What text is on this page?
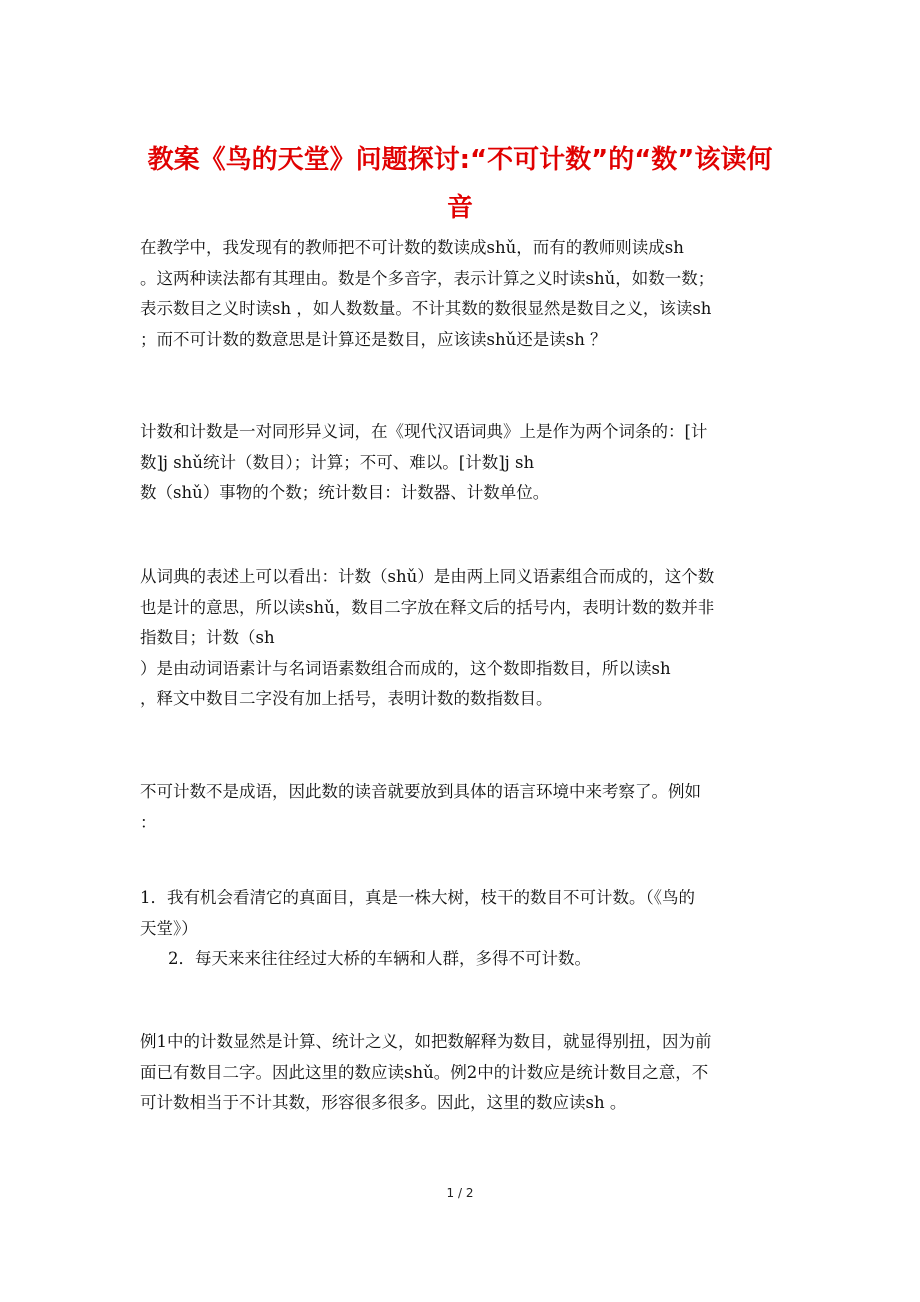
教案《鸟的天堂》问题探讨:“不可计数”的“数”该读何
音

在教学中，我发现有的教师把不可计数的数读成shǔ，而有的教师则读成sh
。这两种读法都有其理由。数是个多音字，表示计算之义时读shǔ，如数一数；
表示数目之义时读sh ，如人数数量。不计其数的数很显然是数目之义，该读sh
；而不可计数的数意思是计算还是数目，应该读shǔ还是读sh ？

计数和计数是一对同形异义词，在《现代汉语词典》上是作为两个词条的：[计
数]j shǔ统计（数目）；计算；不可、难以。[计数]j sh
数（shǔ）事物的个数；统计数目：计数器、计数单位。

从词典的表述上可以看出：计数（shǔ）是由两上同义语素组合而成的，这个数
也是计的意思，所以读shǔ，数目二字放在释文后的括号内，表明计数的数并非
指数目；计数（sh
）是由动词语素计与名词语素数组合而成的，这个数即指数目，所以读sh
，释文中数目二字没有加上括号，表明计数的数指数目。

不可计数不是成语，因此数的读音就要放到具体的语言环境中来考察了。例如
：

1．我有机会看清它的真面目，真是一株大树，枝干的数目不可计数。（《鸟的
天堂》）
2．每天来来往往经过大桥的车辆和人群，多得不可计数。

例1中的计数显然是计算、统计之义，如把数解释为数目，就显得别扭，因为前
面已有数目二字。因此这里的数应读shǔ。例2中的计数应是统计数目之意，不
可计数相当于不计其数，形容很多很多。因此，这里的数应读sh 。

1 / 2
